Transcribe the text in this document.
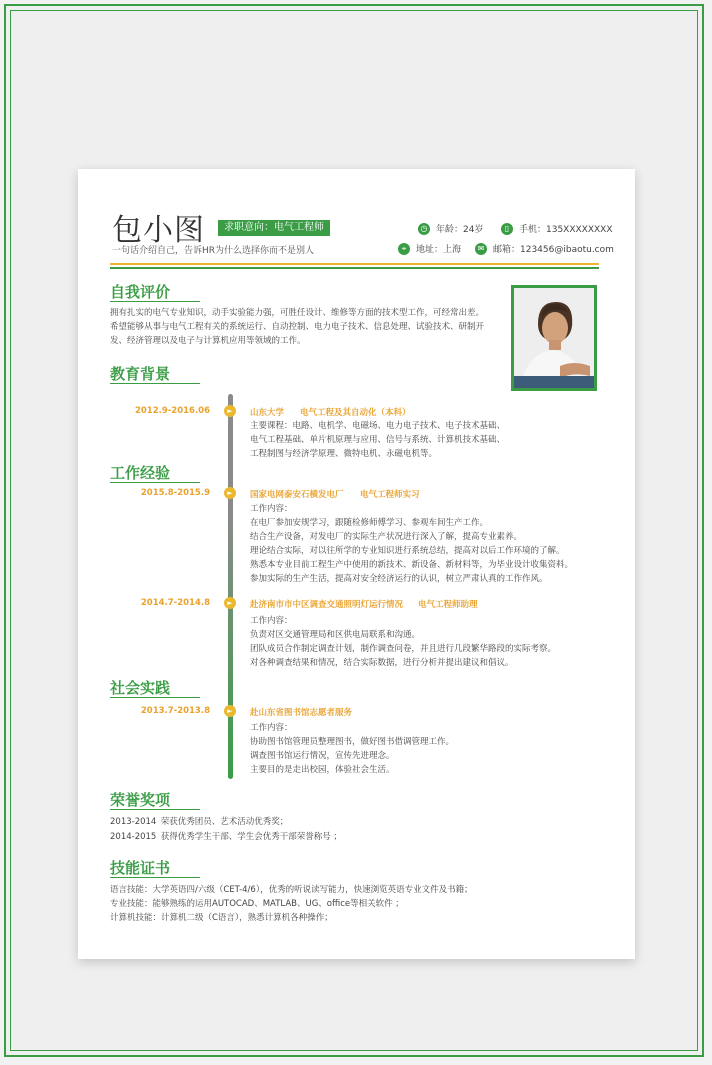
包小图	求职意向：电气工程师
一句话介绍自己，告诉HR为什么选择你而不是别人
◷ 年龄：24岁	▯	手机：135XXXXXXXX
⌖	地址：上海	✉ 邮箱：123456@ibaotu.com
自我评价
拥有扎实的电气专业知识，动手实验能力强，可胜任设计、维修等方面的技术型工作，可经常出差。
希望能够从事与电气工程有关的系统运行、自动控制、电力电子技术、信息处理、试验技术、研制开
发、经济管理以及电子与计算机应用等领域的工作。
教育背景
2012.9-2016.06	►	山东大学 电气工程及其自动化（本科）
主要课程：电路、电机学、电磁场、电力电子技术、电子技术基础、
电气工程基础、单片机原理与应用、信号与系统、计算机技术基础、
工程制图与经济学原理、微特电机、永磁电机等。
工作经验
2015.8-2015.9	►	国家电网泰安石横发电厂 电气工程师实习
工作内容：
在电厂参加安规学习，跟随检修师傅学习、参观车间生产工作。
结合生产设备，对发电厂的实际生产状况进行深入了解，提高专业素养。
理论结合实际，对以往所学的专业知识进行系统总结，提高对以后工作环境的了解。
熟悉本专业目前工程生产中使用的新技术、新设备、新材料等，为毕业设计收集资料。
参加实际的生产生活，提高对安全经济运行的认识，树立严肃认真的工作作风。
2014.7-2014.8	►	赴济南市市中区调查交通照明灯运行情况 电气工程师助理
工作内容：
负责对区交通管理局和区供电局联系和沟通。
团队成员合作制定调查计划，制作调查问卷，并且进行几段繁华路段的实际考察。
对各种调查结果和情况，结合实际数据，进行分析并提出建议和倡议。
社会实践
2013.7-2013.8	►	赴山东省图书馆志愿者服务
工作内容：
协助图书馆管理员整理图书，做好图书借调管理工作。
调查图书馆运行情况，宣传先进理念。
主要目的是走出校园，体验社会生活。
荣誉奖项
2013-2014 荣获优秀团员、艺术活动优秀奖；
2014-2015 获得优秀学生干部、学生会优秀干部荣誉称号 ；
技能证书
语言技能：大学英语四/六级（CET-4/6），优秀的听说读写能力，快速浏览英语专业文件及书籍；
专业技能：能够熟练的运用AUTOCAD、MATLAB、UG、office等相关软件 ；
计算机技能：计算机二级（C语言），熟悉计算机各种操作；
